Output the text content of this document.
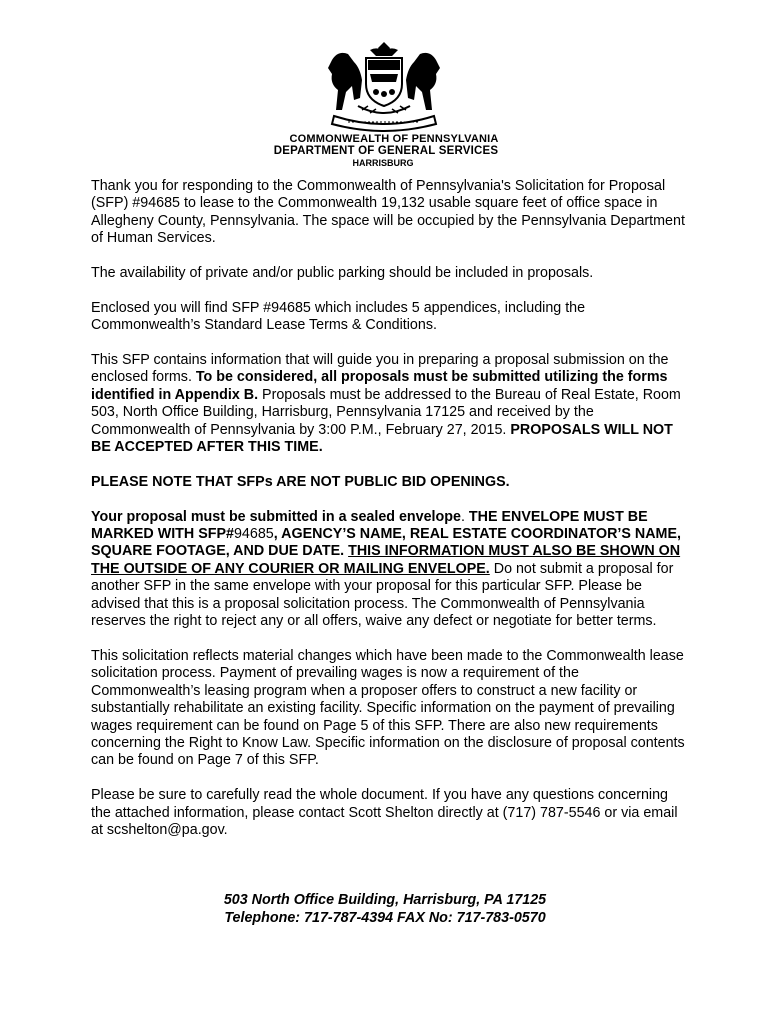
COMMONWEALTH OF PENNSYLVANIA
DEPARTMENT OF GENERAL SERVICES
HARRISBURG

Thank you for responding to the Commonwealth of Pennsylvania's Solicitation for Proposal (SFP) #94685 to lease to the Commonwealth 19,132 usable square feet of office space in Allegheny County, Pennsylvania. The space will be occupied by the Pennsylvania Department of Human Services.

The availability of private and/or public parking should be included in proposals.

Enclosed you will find SFP #94685 which includes 5 appendices, including the Commonwealth’s Standard Lease Terms & Conditions.

This SFP contains information that will guide you in preparing a proposal submission on the enclosed forms. To be considered, all proposals must be submitted utilizing the forms identified in Appendix B. Proposals must be addressed to the Bureau of Real Estate, Room 503, North Office Building, Harrisburg, Pennsylvania 17125 and received by the Commonwealth of Pennsylvania by 3:00 P.M., February 27, 2015. PROPOSALS WILL NOT BE ACCEPTED AFTER THIS TIME.

PLEASE NOTE THAT SFPs ARE NOT PUBLIC BID OPENINGS.

Your proposal must be submitted in a sealed envelope. THE ENVELOPE MUST BE MARKED WITH SFP#94685, AGENCY’S NAME, REAL ESTATE COORDINATOR’S NAME, SQUARE FOOTAGE, AND DUE DATE. THIS INFORMATION MUST ALSO BE SHOWN ON THE OUTSIDE OF ANY COURIER OR MAILING ENVELOPE. Do not submit a proposal for another SFP in the same envelope with your proposal for this particular SFP. Please be advised that this is a proposal solicitation process. The Commonwealth of Pennsylvania reserves the right to reject any or all offers, waive any defect or negotiate for better terms.

This solicitation reflects material changes which have been made to the Commonwealth lease solicitation process. Payment of prevailing wages is now a requirement of the Commonwealth’s leasing program when a proposer offers to construct a new facility or substantially rehabilitate an existing facility. Specific information on the payment of prevailing wages requirement can be found on Page 5 of this SFP. There are also new requirements concerning the Right to Know Law. Specific information on the disclosure of proposal contents can be found on Page 7 of this SFP.

Please be sure to carefully read the whole document. If you have any questions concerning the attached information, please contact Scott Shelton directly at (717) 787-5546 or via email at scshelton@pa.gov.

503 North Office Building, Harrisburg, PA 17125
Telephone: 717-787-4394 FAX No: 717-783-0570
